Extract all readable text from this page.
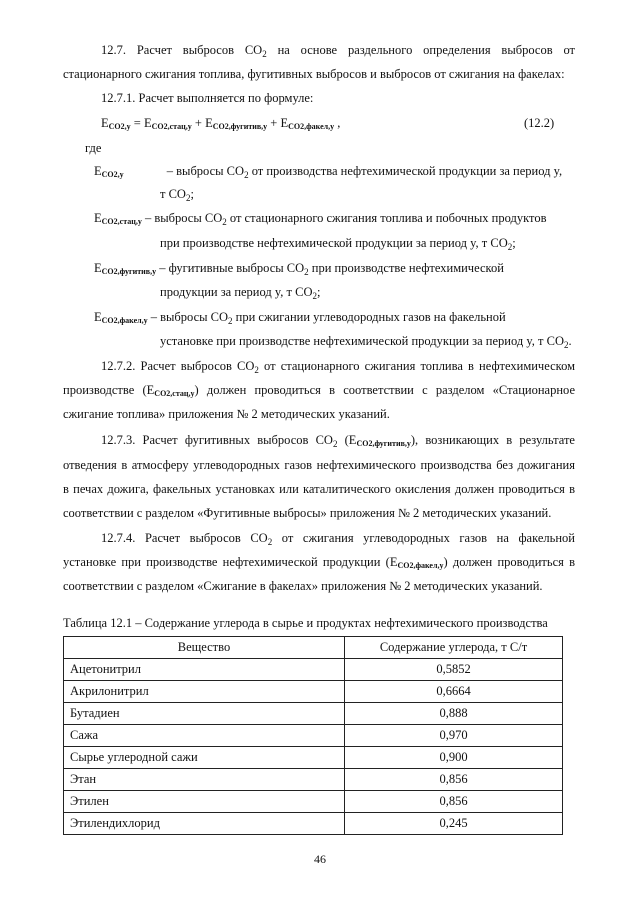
12.7. Расчет выбросов $CO_2$ на основе раздельного определения выбросов от
стационарного сжигания топлива, фугитивных выбросов и выбросов от сжигания на факелах:
12.7.1. Расчет выполняется по формуле:
$E_{CO2,y} = E_{CO2,стац,y} + E_{CO2,фугитив,y} + E_{CO2,факел,y}$ ,	(12.2)
где
$E_{CO2,y}$	– выбросы $CO_2$ от производства нефтехимической продукции за период y,
т $CO_2$;
$E_{CO2,стац,y}$ – выбросы $CO_2$ от стационарного сжигания топлива и побочных продуктов
при производстве нефтехимической продукции за период y, т $CO_2$;
$E_{CO2,фугитив,y}$ – фугитивные выбросы $CO_2$ при производстве нефтехимической
продукции за период y, т $CO_2$;
$E_{CO2,факел,y}$ – выбросы $CO_2$ при сжигании углеводородных газов на факельной
установке при производстве нефтехимической продукции за период y, т $CO_2$.
12.7.2. Расчет выбросов $CO_2$ от стационарного сжигания топлива в нефтехимическом
производстве $(E_{CO2,стац,y})$ должен проводиться в соответствии с разделом «Стационарное
сжигание топлива» приложения № 2 методических указаний.
12.7.3. Расчет фугитивных выбросов $CO_2$ $(E_{CO2,фугитив,y})$, возникающих в результате
отведения в атмосферу углеводородных газов нефтехимического производства без дожигания
в печах дожига, факельных установках или каталитического окисления должен проводиться в
соответствии с разделом «Фугитивные выбросы» приложения № 2 методических указаний.
12.7.4. Расчет выбросов $CO_2$ от сжигания углеводородных газов на факельной
установке при производстве нефтехимической продукции $(E_{CO2,факел,y})$ должен проводиться в
соответствии с разделом «Сжигание в факелах» приложения № 2 методических указаний.
Таблица 12.1 – Содержание углерода в сырье и продуктах нефтехимического производства
Вещество	Содержание углерода, т С/т
Ацетонитрил	0,5852
Акрилонитрил	0,6664
Бутадиен	0,888
Сажа	0,970
Сырье углеродной сажи	0,900
Этан	0,856
Этилен	0,856
Этилендихлорид	0,245
46
